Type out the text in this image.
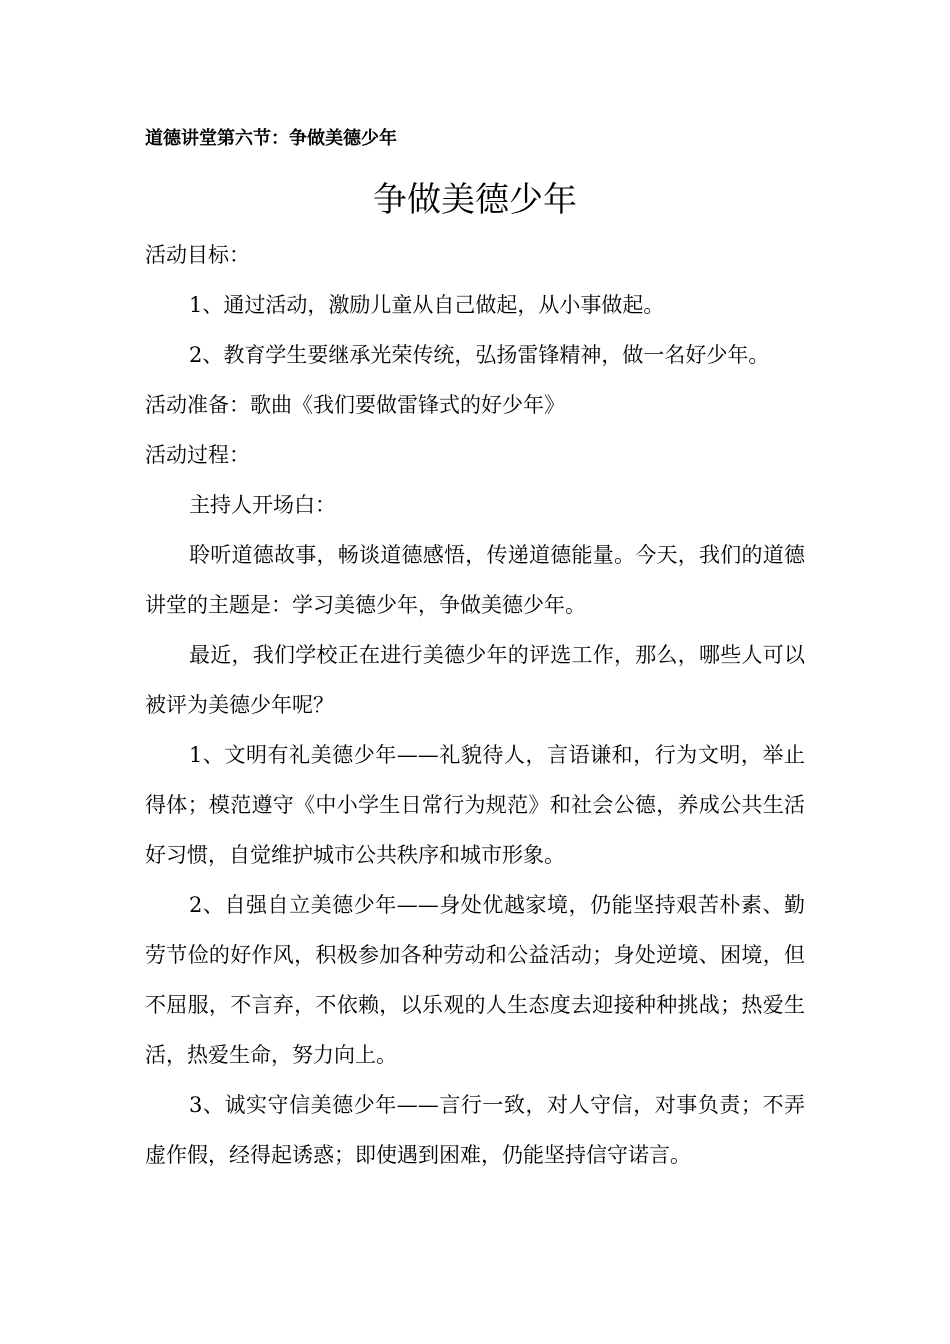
道德讲堂第六节：争做美德少年
争做美德少年

活动目标：

1、通过活动，激励儿童从自己做起，从小事做起。

2、教育学生要继承光荣传统，弘扬雷锋精神，做一名好少年。

活动准备：歌曲《我们要做雷锋式的好少年》

活动过程：

主持人开场白：

聆听道德故事，畅谈道德感悟，传递道德能量。今天，我们的道德讲堂的主题是：学习美德少年，争做美德少年。

最近，我们学校正在进行美德少年的评选工作，那么，哪些人可以被评为美德少年呢？

1、文明有礼美德少年——礼貌待人，言语谦和，行为文明，举止得体；模范遵守《中小学生日常行为规范》和社会公德，养成公共生活好习惯，自觉维护城市公共秩序和城市形象。

2、自强自立美德少年——身处优越家境，仍能坚持艰苦朴素、勤劳节俭的好作风，积极参加各种劳动和公益活动；身处逆境、困境，但不屈服，不言弃，不依赖，以乐观的人生态度去迎接种种挑战；热爱生活，热爱生命，努力向上。

3、诚实守信美德少年——言行一致，对人守信，对事负责；不弄虚作假，经得起诱惑；即使遇到困难，仍能坚持信守诺言。
